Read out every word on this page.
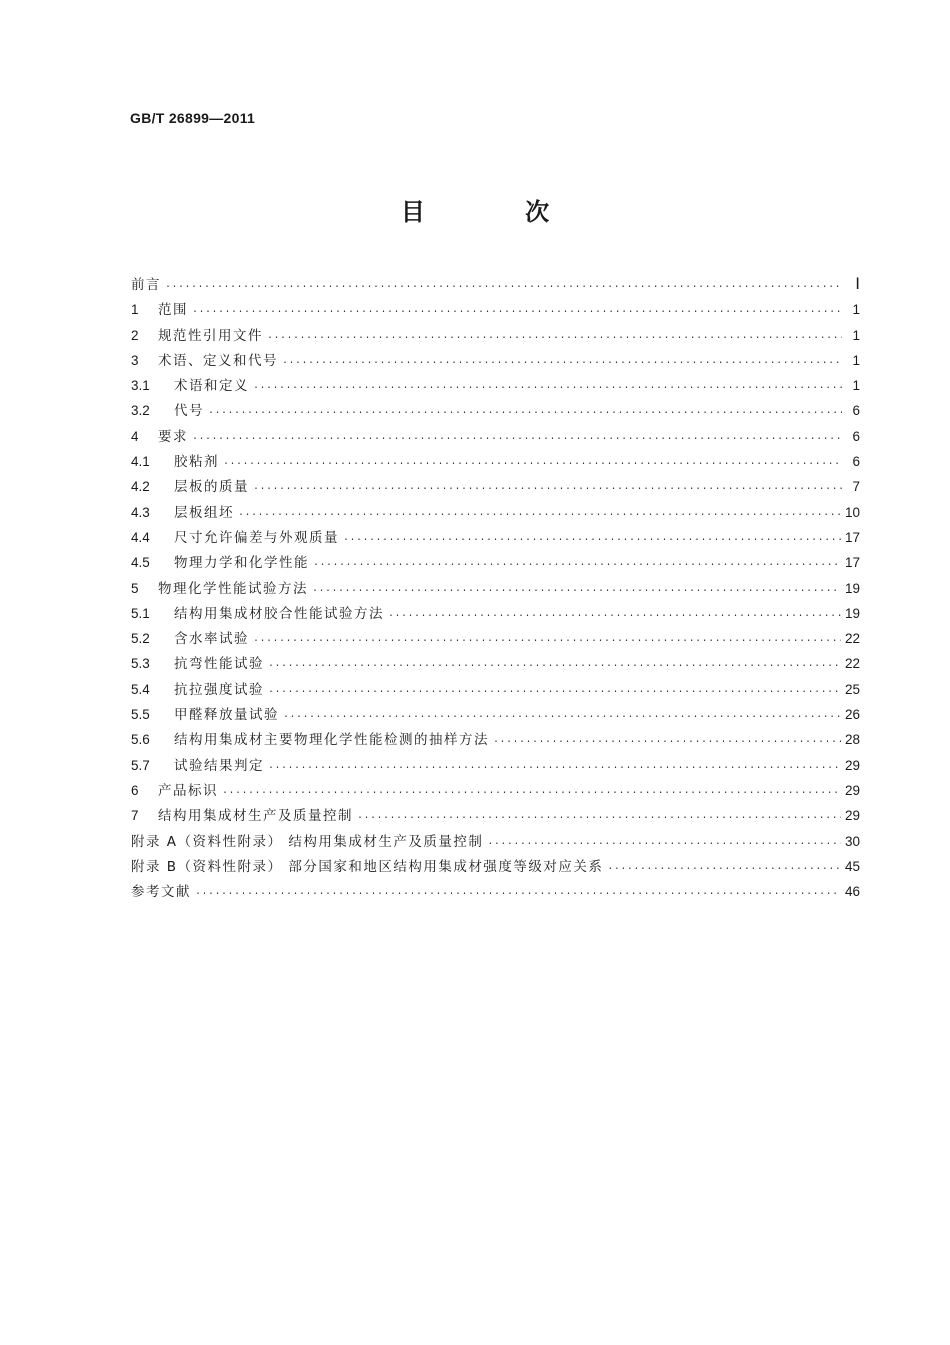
GB/T 26899—2011
目 次
前言 ·····	Ⅰ
1	范围 ·····	1
2	规范性引用文件 ·····	1
3	术语、定义和代号 ·····	1
3.1	术语和定义 ·····	1
3.2	代号 ·····	6
4	要求 ·····	6
4.1	胶粘剂 ·····	6
4.2	层板的质量 ·····	7
4.3	层板组坯 ·····	10
4.4	尺寸允许偏差与外观质量 ·····	17
4.5	物理力学和化学性能 ·····	17
5	物理化学性能试验方法 ·····	19
5.1	结构用集成材胶合性能试验方法 ·····	19
5.2	含水率试验 ·····	22
5.3	抗弯性能试验 ·····	22
5.4	抗拉强度试验 ·····	25
5.5	甲醛释放量试验 ·····	26
5.6	结构用集成材主要物理化学性能检测的抽样方法 ·····	28
5.7	试验结果判定 ·····	29
6	产品标识 ·····	29
7	结构用集成材生产及质量控制 ·····	29
附录 A（资料性附录） 结构用集成材生产及质量控制 ·····	30
附录 B（资料性附录） 部分国家和地区结构用集成材强度等级对应关系 ·····	45
参考文献 ·····	46
